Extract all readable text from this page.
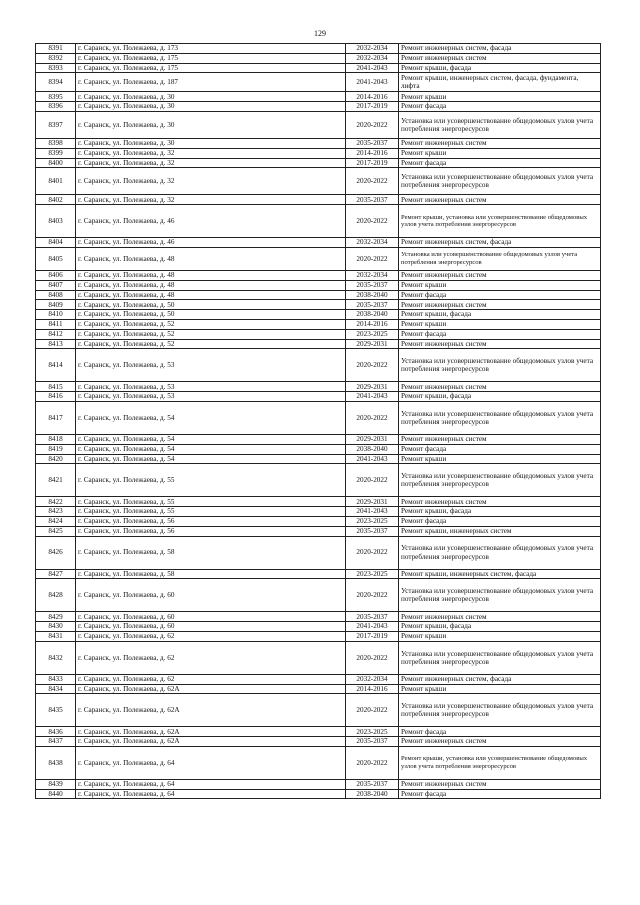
129
8391	г. Саранск, ул. Полежаева, д. 173	2032-2034	Ремонт инженерных систем, фасада
8392	г. Саранск, ул. Полежаева, д. 175	2032-2034	Ремонт инженерных систем
8393	г. Саранск, ул. Полежаева, д. 175	2041-2043	Ремонт крыши, фасада
8394	г. Саранск, ул. Полежаева, д. 187	2041-2043	Ремонт крыши, инженерных систем, фасада, фундамента, лифта
8395	г. Саранск, ул. Полежаева, д. 30	2014-2016	Ремонт крыши
8396	г. Саранск, ул. Полежаева, д. 30	2017-2019	Ремонт фасада
8397	г. Саранск, ул. Полежаева, д. 30	2020-2022	Установка или усовершенствование общедомовых узлов учета потребления энергоресурсов
8398	г. Саранск, ул. Полежаева, д. 30	2035-2037	Ремонт инженерных систем
8399	г. Саранск, ул. Полежаева, д. 32	2014-2016	Ремонт крыши
8400	г. Саранск, ул. Полежаева, д. 32	2017-2019	Ремонт фасада
8401	г. Саранск, ул. Полежаева, д. 32	2020-2022	Установка или усовершенствование общедомовых узлов учета потребления энергоресурсов
8402	г. Саранск, ул. Полежаева, д. 32	2035-2037	Ремонт инженерных систем
8403	г. Саранск, ул. Полежаева, д. 46	2020-2022	Ремонт крыши, установка или усовершенствование общедомовых узлов учета потребления энергоресурсов
8404	г. Саранск, ул. Полежаева, д. 46	2032-2034	Ремонт инженерных систем, фасада
8405	г. Саранск, ул. Полежаева, д. 48	2020-2022	Установка или усовершенствование общедомовых узлов учета потребления энергоресурсов
8406	г. Саранск, ул. Полежаева, д. 48	2032-2034	Ремонт инженерных систем
8407	г. Саранск, ул. Полежаева, д. 48	2035-2037	Ремонт крыши
8408	г. Саранск, ул. Полежаева, д. 48	2038-2040	Ремонт фасада
8409	г. Саранск, ул. Полежаева, д. 50	2035-2037	Ремонт инженерных систем
8410	г. Саранск, ул. Полежаева, д. 50	2038-2040	Ремонт крыши, фасада
8411	г. Саранск, ул. Полежаева, д. 52	2014-2016	Ремонт крыши
8412	г. Саранск, ул. Полежаева, д. 52	2023-2025	Ремонт фасада
8413	г. Саранск, ул. Полежаева, д. 52	2029-2031	Ремонт инженерных систем
8414	г. Саранск, ул. Полежаева, д. 53	2020-2022	Установка или усовершенствование общедомовых узлов учета потребления энергоресурсов
8415	г. Саранск, ул. Полежаева, д. 53	2029-2031	Ремонт инженерных систем
8416	г. Саранск, ул. Полежаева, д. 53	2041-2043	Ремонт крыши, фасада
8417	г. Саранск, ул. Полежаева, д. 54	2020-2022	Установка или усовершенствование общедомовых узлов учета потребления энергоресурсов
8418	г. Саранск, ул. Полежаева, д. 54	2029-2031	Ремонт инженерных систем
8419	г. Саранск, ул. Полежаева, д. 54	2038-2040	Ремонт фасада
8420	г. Саранск, ул. Полежаева, д. 54	2041-2043	Ремонт крыши
8421	г. Саранск, ул. Полежаева, д. 55	2020-2022	Установка или усовершенствование общедомовых узлов учета потребления энергоресурсов
8422	г. Саранск, ул. Полежаева, д. 55	2029-2031	Ремонт инженерных систем
8423	г. Саранск, ул. Полежаева, д. 55	2041-2043	Ремонт крыши, фасада
8424	г. Саранск, ул. Полежаева, д. 56	2023-2025	Ремонт фасада
8425	г. Саранск, ул. Полежаева, д. 56	2035-2037	Ремонт крыши, инженерных систем
8426	г. Саранск, ул. Полежаева, д. 58	2020-2022	Установка или усовершенствование общедомовых узлов учета потребления энергоресурсов
8427	г. Саранск, ул. Полежаева, д. 58	2023-2025	Ремонт крыши, инженерных систем, фасада
8428	г. Саранск, ул. Полежаева, д. 60	2020-2022	Установка или усовершенствование общедомовых узлов учета потребления энергоресурсов
8429	г. Саранск, ул. Полежаева, д. 60	2035-2037	Ремонт инженерных систем
8430	г. Саранск, ул. Полежаева, д. 60	2041-2043	Ремонт крыши, фасада
8431	г. Саранск, ул. Полежаева, д. 62	2017-2019	Ремонт крыши
8432	г. Саранск, ул. Полежаева, д. 62	2020-2022	Установка или усовершенствование общедомовых узлов учета потребления энергоресурсов
8433	г. Саранск, ул. Полежаева, д. 62	2032-2034	Ремонт инженерных систем, фасада
8434	г. Саранск, ул. Полежаева, д. 62А	2014-2016	Ремонт крыши
8435	г. Саранск, ул. Полежаева, д. 62А	2020-2022	Установка или усовершенствование общедомовых узлов учета потребления энергоресурсов
8436	г. Саранск, ул. Полежаева, д. 62А	2023-2025	Ремонт фасада
8437	г. Саранск, ул. Полежаева, д. 62А	2035-2037	Ремонт инженерных систем
8438	г. Саранск, ул. Полежаева, д. 64	2020-2022	Ремонт крыши, установка или усовершенствование общедомовых узлов учета потребления энергоресурсов
8439	г. Саранск, ул. Полежаева, д. 64	2035-2037	Ремонт инженерных систем
8440	г. Саранск, ул. Полежаева, д. 64	2038-2040	Ремонт фасада
